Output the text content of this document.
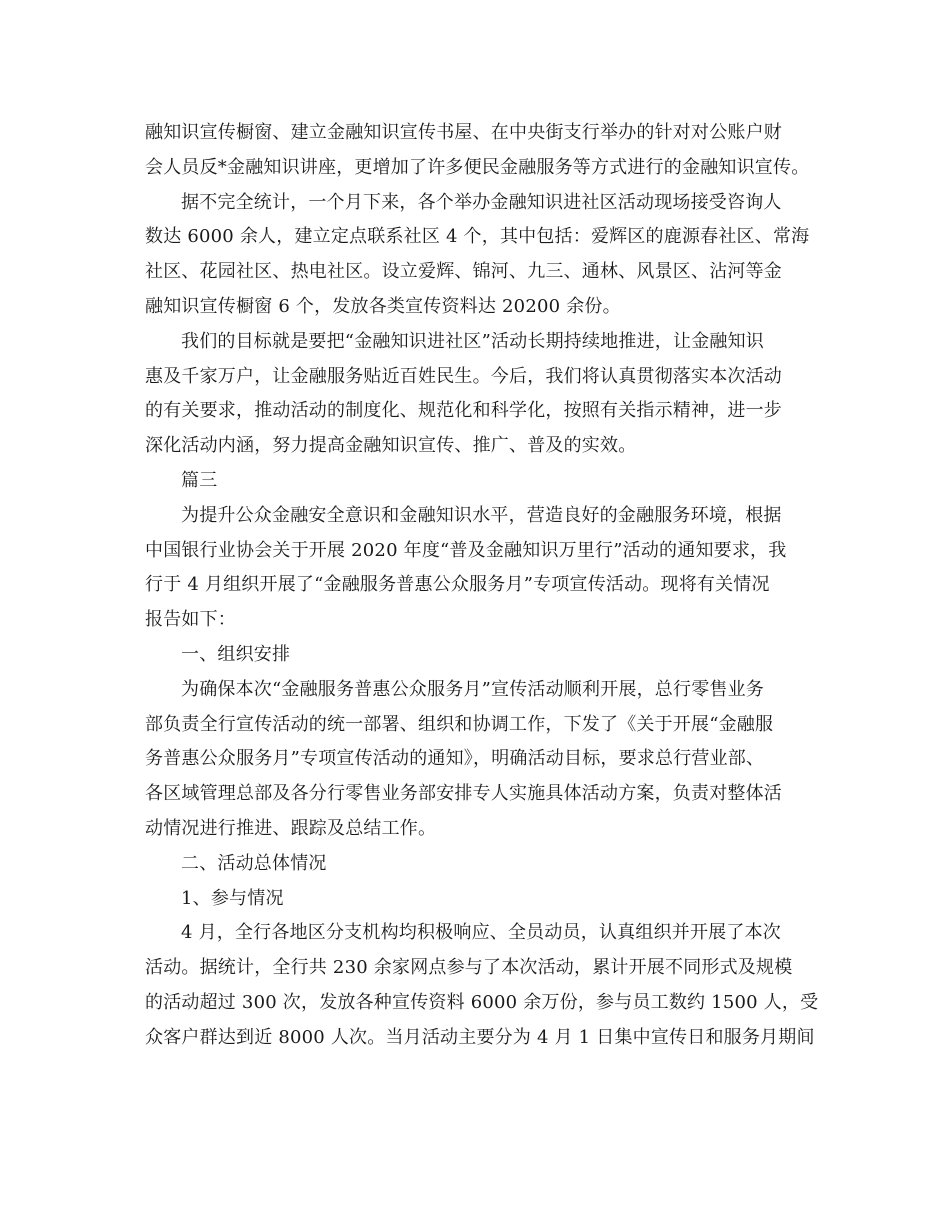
融知识宣传橱窗、建立金融知识宣传书屋、在中央街支行举办的针对对公账户财
会人员反*金融知识讲座，更增加了许多便民金融服务等方式进行的金融知识宣传。
据不完全统计，一个月下来，各个举办金融知识进社区活动现场接受咨询人
数达 6000 余人，建立定点联系社区 4 个，其中包括：爱辉区的鹿源春社区、常海
社区、花园社区、热电社区。设立爱辉、锦河、九三、通林、风景区、沾河等金
融知识宣传橱窗 6 个，发放各类宣传资料达 20200 余份。
我们的目标就是要把“金融知识进社区”活动长期持续地推进，让金融知识
惠及千家万户，让金融服务贴近百姓民生。今后，我们将认真贯彻落实本次活动
的有关要求，推动活动的制度化、规范化和科学化，按照有关指示精神，进一步
深化活动内涵，努力提高金融知识宣传、推广、普及的实效。
篇三
为提升公众金融安全意识和金融知识水平，营造良好的金融服务环境，根据
中国银行业协会关于开展 2020 年度“普及金融知识万里行”活动的通知要求，我
行于 4 月组织开展了“金融服务普惠公众服务月”专项宣传活动。现将有关情况
报告如下：
一、组织安排
为确保本次“金融服务普惠公众服务月”宣传活动顺利开展，总行零售业务
部负责全行宣传活动的统一部署、组织和协调工作，下发了《关于开展“金融服
务普惠公众服务月”专项宣传活动的通知》，明确活动目标，要求总行营业部、
各区域管理总部及各分行零售业务部安排专人实施具体活动方案，负责对整体活
动情况进行推进、跟踪及总结工作。
二、活动总体情况
1、参与情况
4 月，全行各地区分支机构均积极响应、全员动员，认真组织并开展了本次
活动。据统计，全行共 230 余家网点参与了本次活动，累计开展不同形式及规模
的活动超过 300 次，发放各种宣传资料 6000 余万份，参与员工数约 1500 人，受
众客户群达到近 8000 人次。当月活动主要分为 4 月 1 日集中宣传日和服务月期间
